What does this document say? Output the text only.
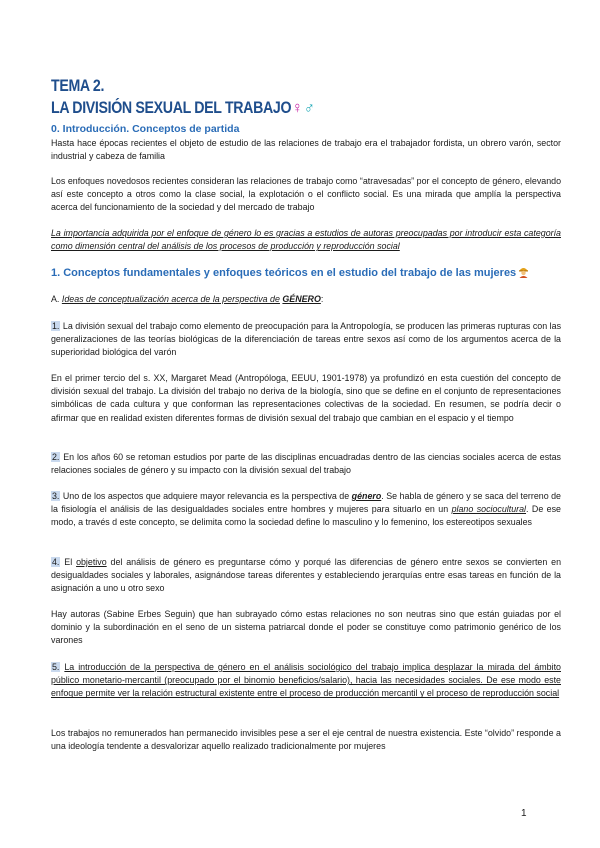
TEMA 2.
LA DIVISIÓN SEXUAL DEL TRABAJO♀ ♂
0. Introducción. Conceptos de partida

Hasta hace épocas recientes el objeto de estudio de las relaciones de trabajo era el trabajador fordista, un obrero varón, sector industrial y cabeza de familia

Los enfoques novedosos recientes consideran las relaciones de trabajo como “atravesadas” por el concepto de género, elevando así este concepto a otros como la clase social, la explotación o el conflicto social. Es una mirada que amplía la perspectiva acerca del funcionamiento de la sociedad y del mercado de trabajo

La importancia adquirida por el enfoque de género lo es gracias a estudios de autoras preocupadas por introducir esta categoría como dimensión central del análisis de los procesos de producción y reproducción social

1. Conceptos fundamentales y enfoques teóricos en el estudio del trabajo de las mujeres
A. Ideas de conceptualización acerca de la perspectiva de GÉNERO:

1. La división sexual del trabajo como elemento de preocupación para la Antropología, se producen las primeras rupturas con las generalizaciones de las teorías biológicas de la diferenciación de tareas entre sexos así como de los argumentos acerca de la superioridad biológica del varón

En el primer tercio del s. XX, Margaret Mead (Antropóloga, EEUU, 1901-1978) ya profundizó en esta cuestión del concepto de división sexual del trabajo. La división del trabajo no deriva de la biología, sino que se define en el conjunto de representaciones simbólicas de cada cultura y que conforman las representaciones colectivas de la sociedad. En resumen, se podría decir o afirmar que en realidad existen diferentes formas de división sexual del trabajo que cambian en el espacio y el tiempo

2. En los años 60 se retoman estudios por parte de las disciplinas encuadradas dentro de las ciencias sociales acerca de estas relaciones sociales de género y su impacto con la división sexual del trabajo

3. Uno de los aspectos que adquiere mayor relevancia es la perspectiva de género. Se habla de género y se saca del terreno de la fisiología el análisis de las desigualdades sociales entre hombres y mujeres para situarlo en un plano sociocultural. De ese modo, a través d este concepto, se delimita como la sociedad define lo masculino y lo femenino, los estereotipos sexuales

4. El objetivo del análisis de género es preguntarse cómo y porqué las diferencias de género entre sexos se convierten en desigualdades sociales y laborales, asignándose tareas diferentes y estableciendo jerarquías entre esas tareas en función de la asignación a uno u otro sexo

Hay autoras (Sabine Erbes Seguin) que han subrayado cómo estas relaciones no son neutras sino que están guiadas por el dominio y la subordinación en el seno de un sistema patriarcal donde el poder se constituye como patrimonio genérico de los varones

5. La introducción de la perspectiva de género en el análisis sociológico del trabajo implica desplazar la mirada del ámbito público monetario-mercantil (preocupado por el binomio beneficios/salario), hacia las necesidades sociales. De ese modo este enfoque permite ver la relación estructural existente entre el proceso de producción mercantil y el proceso de reproducción social

Los trabajos no remunerados han permanecido invisibles pese a ser el eje central de nuestra existencia. Este “olvido” responde a una ideología tendente a desvalorizar aquello realizado tradicionalmente por mujeres

1
